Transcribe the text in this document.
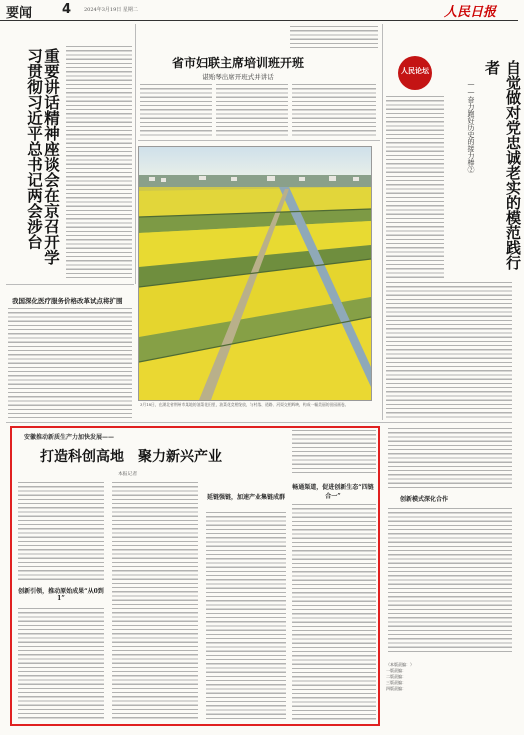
要闻 4	2024年3月19日 星期二	人民日报
重要讲话精神座谈会在京召开学习贯彻习近平总书记两会涉台
我国深化医疗服务价格改革试点将扩围
省市妇联主席培训班开班
谌贻琴出席开班式并讲话
3月18日，在湖北省荆州市某地的油菜花田里，油菜花竞相绽放，与村落、道路、河渠交相辉映，构成一幅美丽的田园画卷。
人民论坛	自觉做对党忠诚老实的模范践行者
——奋力跑好历史的接力棒②
安徽推动新质生产力加快发展——
打造科创高地　聚力新兴产业
本报记者
创新引领，推动原始成果“从0到1”
延链强链，加速产业集链成群
畅通渠道，促进创新生态“四链合一”	创新模式深化合作
（本版责编：）
一版责编：
二版责编：
三版责编：
四版责编：
